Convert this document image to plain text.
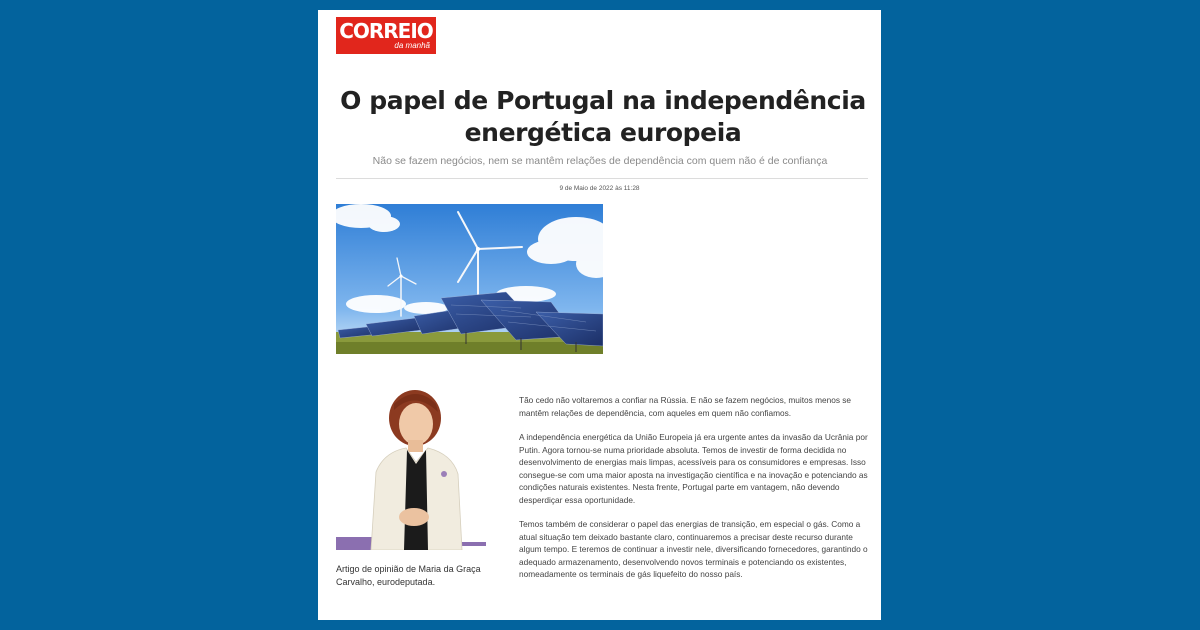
CORREIO
da manhã
O papel de Portugal na independência energética europeia

Não se fazem negócios, nem se mantêm relações de dependência com quem não é de confiança

9 de Maio de 2022 às 11:28

Artigo de opinião de Maria da Graça Carvalho, eurodeputada.

Tão cedo não voltaremos a confiar na Rússia. E não se fazem negócios, muitos menos se mantêm relações de dependência, com aqueles em quem não confiamos.

A independência energética da União Europeia já era urgente antes da invasão da Ucrânia por Putin. Agora tornou-se numa prioridade absoluta. Temos de investir de forma decidida no desenvolvimento de energias mais limpas, acessíveis para os consumidores e empresas. Isso consegue-se com uma maior aposta na investigação científica e na inovação e potenciando as condições naturais existentes. Nesta frente, Portugal parte em vantagem, não devendo desperdiçar essa oportunidade.

Temos também de considerar o papel das energias de transição, em especial o gás. Como a atual situação tem deixado bastante claro, continuaremos a precisar deste recurso durante algum tempo. E teremos de continuar a investir nele, diversificando fornecedores, garantindo o adequado armazenamento, desenvolvendo novos terminais e potenciando os existentes, nomeadamente os terminais de gás liquefeito do nosso país.
